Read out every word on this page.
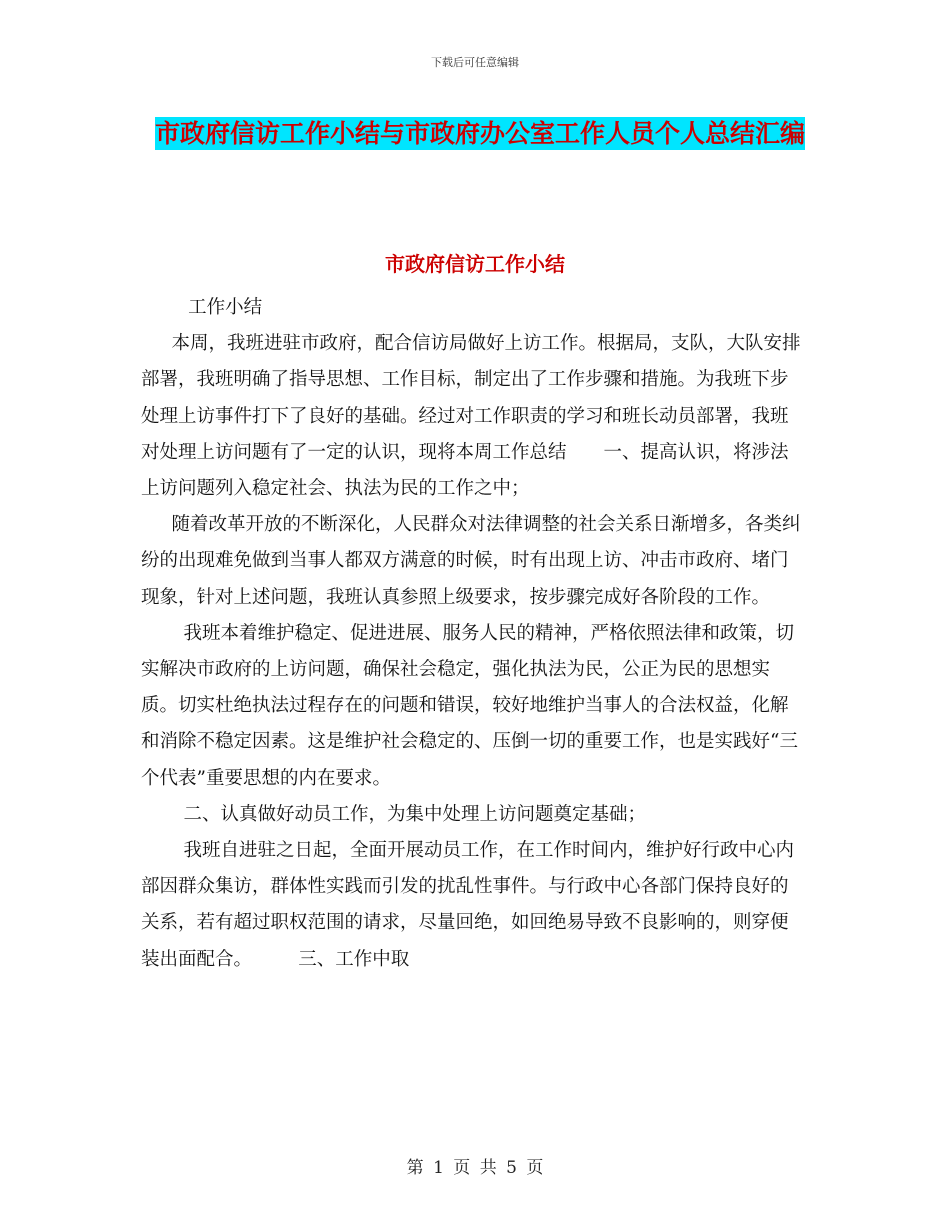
下载后可任意编辑
市政府信访工作小结与市政府办公室工作人员个人总结汇编
市政府信访工作小结

工作小结

本周，我班进驻市政府，配合信访局做好上访工作。根据局，支队，大队安排部署，我班明确了指导思想、工作目标，制定出了工作步骤和措施。为我班下步处理上访事件打下了良好的基础。经过对工作职责的学习和班长动员部署，我班对处理上访问题有了一定的认识，现将本周工作总结　　一、提高认识，将涉法上访问题列入稳定社会、执法为民的工作之中；

随着改革开放的不断深化，人民群众对法律调整的社会关系日渐增多，各类纠纷的出现难免做到当事人都双方满意的时候，时有出现上访、冲击市政府、堵门现象，针对上述问题，我班认真参照上级要求，按步骤完成好各阶段的工作。

我班本着维护稳定、促进进展、服务人民的精神，严格依照法律和政策，切实解决市政府的上访问题，确保社会稳定，强化执法为民，公正为民的思想实质。切实杜绝执法过程存在的问题和错误，较好地维护当事人的合法权益，化解和消除不稳定因素。这是维护社会稳定的、压倒一切的重要工作，也是实践好“三个代表”重要思想的内在要求。

二、认真做好动员工作，为集中处理上访问题奠定基础；

我班自进驻之日起，全面开展动员工作，在工作时间内，维护好行政中心内部因群众集访，群体性实践而引发的扰乱性事件。与行政中心各部门保持良好的关系，若有超过职权范围的请求，尽量回绝，如回绝易导致不良影响的，则穿便装出面配合。　　　三、工作中取

第 1 页 共 5 页
